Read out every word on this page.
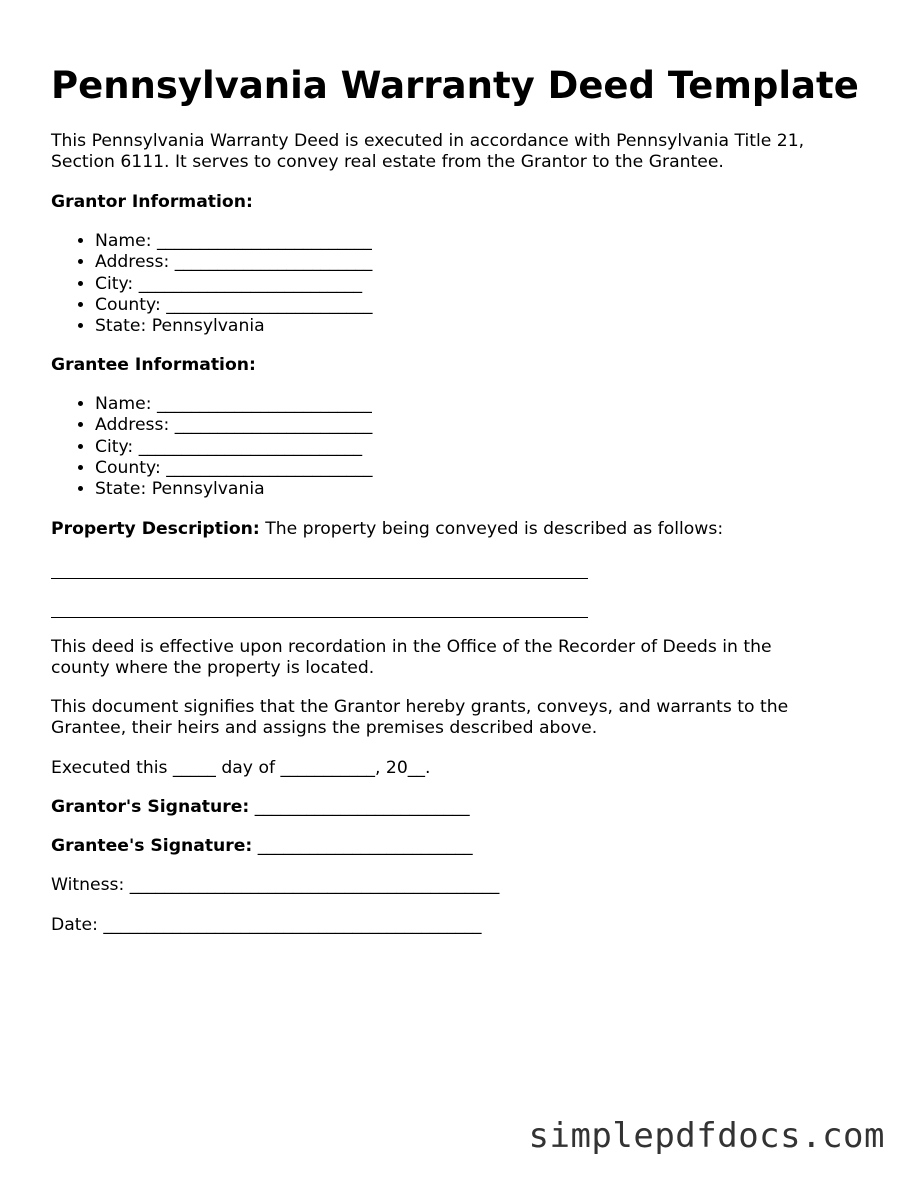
Pennsylvania Warranty Deed Template

This Pennsylvania Warranty Deed is executed in accordance with Pennsylvania Title 21,

Section 6111. It serves to convey real estate from the Grantor to the Grantee.

Grantor Information:

• Name: _________________________
• Address: _______________________
• City: __________________________
• County: ________________________
• State: Pennsylvania

Grantee Information:

• Name: _________________________
• Address: _______________________
• City: __________________________
• County: ________________________
• State: Pennsylvania

Property Description: The property being conveyed is described as follows:

This deed is effective upon recordation in the Office of the Recorder of Deeds in the

county where the property is located.

This document signifies that the Grantor hereby grants, conveys, and warrants to the

Grantee, their heirs and assigns the premises described above.

Executed this _____ day of ___________, 20__.

Grantor's Signature: _________________________

Grantee's Signature: _________________________

Witness: ___________________________________________

Date: ____________________________________________

simplepdfdocs.com
